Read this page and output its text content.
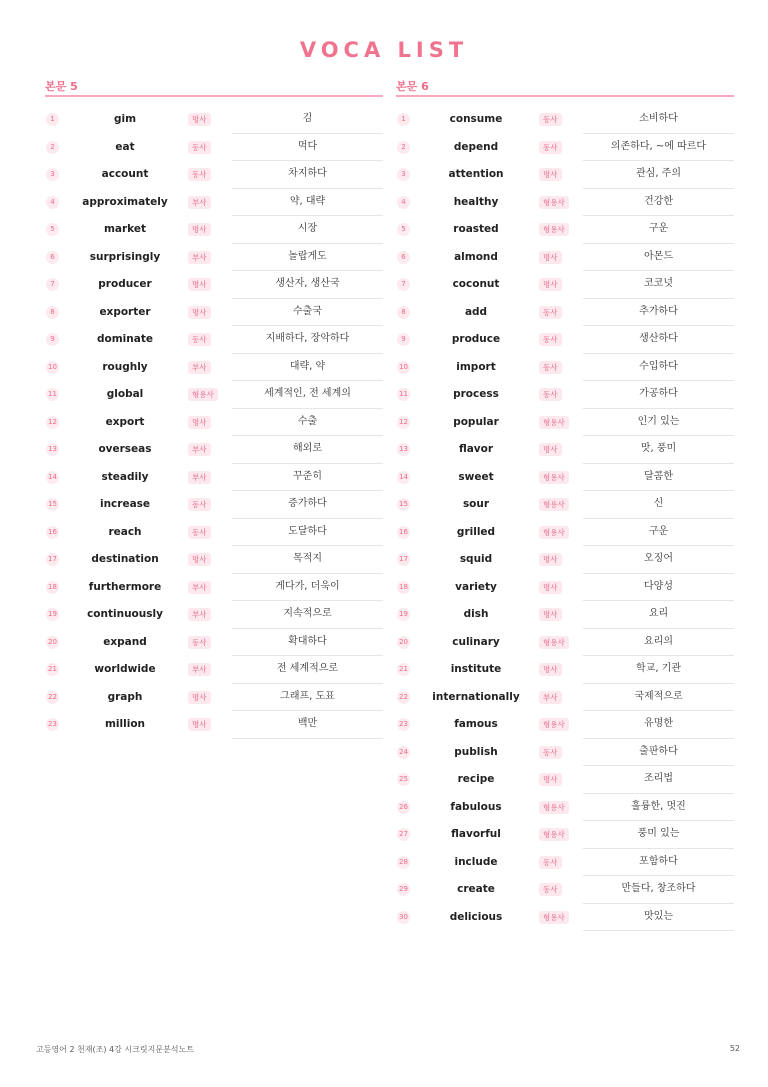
VOCA LIST
본문 5
1	gim	명사	김
2	eat	동사	먹다
3	account	동사	차지하다
4	approximately	부사	약, 대략
5	market	명사	시장
6	surprisingly	부사	놀랍게도
7	producer	명사	생산자, 생산국
8	exporter	명사	수출국
9	dominate	동사	지배하다, 장악하다
10	roughly	부사	대략, 약
11	global	형용사	세계적인, 전 세계의
12	export	명사	수출
13	overseas	부사	해외로
14	steadily	부사	꾸준히
15	increase	동사	증가하다
16	reach	동사	도달하다
17	destination	명사	목적지
18	furthermore	부사	게다가, 더욱이
19	continuously	부사	지속적으로
20	expand	동사	확대하다
21	worldwide	부사	전 세계적으로
22	graph	명사	그래프, 도표
23	million	명사	백만
본문 6
1	consume	동사	소비하다
2	depend	동사	의존하다, ~에 따르다
3	attention	명사	관심, 주의
4	healthy	형용사	건강한
5	roasted	형용사	구운
6	almond	명사	아몬드
7	coconut	명사	코코넛
8	add	동사	추가하다
9	produce	동사	생산하다
10	import	동사	수입하다
11	process	동사	가공하다
12	popular	형용사	인기 있는
13	flavor	명사	맛, 풍미
14	sweet	형용사	달콤한
15	sour	형용사	신
16	grilled	형용사	구운
17	squid	명사	오징어
18	variety	명사	다양성
19	dish	명사	요리
20	culinary	형용사	요리의
21	institute	명사	학교, 기관
22	internationally	부사	국제적으로
23	famous	형용사	유명한
24	publish	동사	출판하다
25	recipe	명사	조리법
26	fabulous	형용사	훌륭한, 멋진
27	flavorful	형용사	풍미 있는
28	include	동사	포함하다
29	create	동사	만들다, 창조하다
30	delicious	형용사	맛있는
고등영어 2 천재(조) 4강 시크릿지문분석노트	52
